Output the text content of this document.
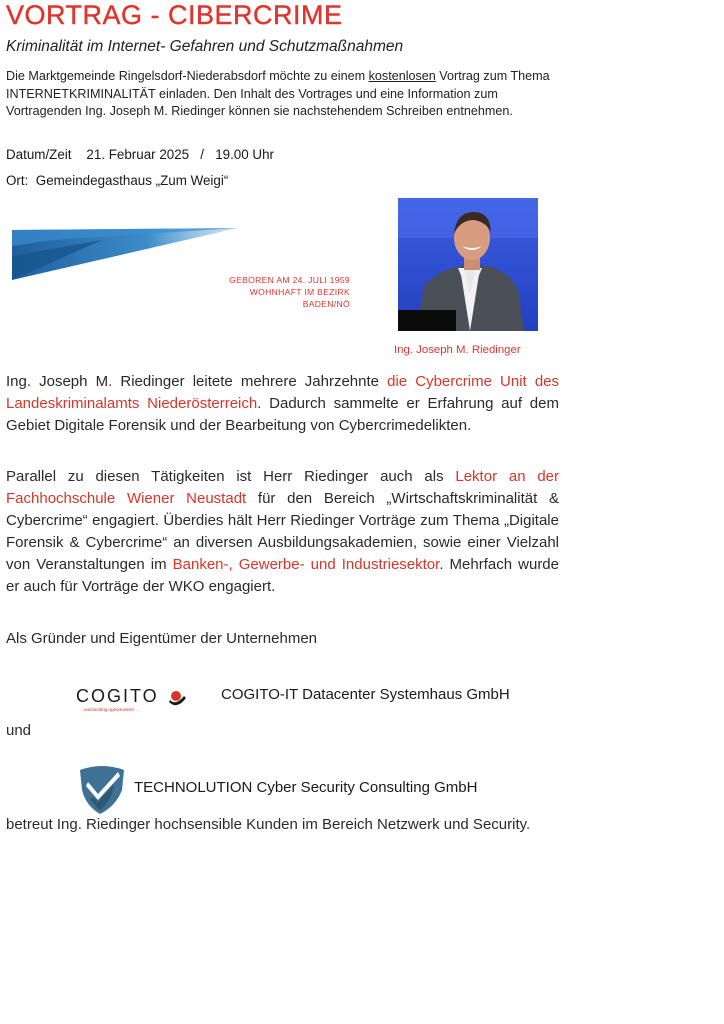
VORTRAG - CIBERCRIME
Kriminalität im Internet- Gefahren und Schutzmaßnahmen
Die Marktgemeinde Ringelsdorf-Niederabsdorf möchte zu einem kostenlosen Vortrag zum Thema INTERNETKRIMINALITÄT einladen. Den Inhalt des Vortrages und eine Information zum Vortragenden Ing. Joseph M. Riedinger können sie nachstehendem Schreiben entnehmen.
Datum/Zeit 21. Februar 2025 / 19.00 Uhr
Ort: Gemeindegasthaus „Zum Weigi“
GEBOREN AM 24. JULI 1959
WOHNHAFT IM BEZIRK BADEN/NÖ
Ing. Joseph M. Riedinger
Ing. Joseph M. Riedinger leitete mehrere Jahrzehnte die Cybercrime Unit des Landeskriminalamts Niederösterreich. Dadurch sammelte er Erfahrung auf dem Gebiet Digitale Forensik und der Bearbeitung von Cybercrimedelikten.
Parallel zu diesen Tätigkeiten ist Herr Riedinger auch als Lektor an der Fachhochschule Wiener Neustadt für den Bereich „Wirtschaftskriminalität & Cybercrime“ engagiert. Überdies hält Herr Riedinger Vorträge zum Thema „Digitale Forensik & Cybercrime“ an diversen Ausbildungsakademien, sowie einer Vielzahl von Veranstaltungen im Banken-, Gewerbe- und Industriesektor. Mehrfach wurde er auch für Vorträge der WKO engagiert.
Als Gründer und Eigentümer der Unternehmen
COGITO
outstanding opportunities ...
COGITO-IT Datacenter Systemhaus GmbH
und
TECHNOLUTION Cyber Security Consulting GmbH
betreut Ing. Riedinger hochsensible Kunden im Bereich Netzwerk und Security.
